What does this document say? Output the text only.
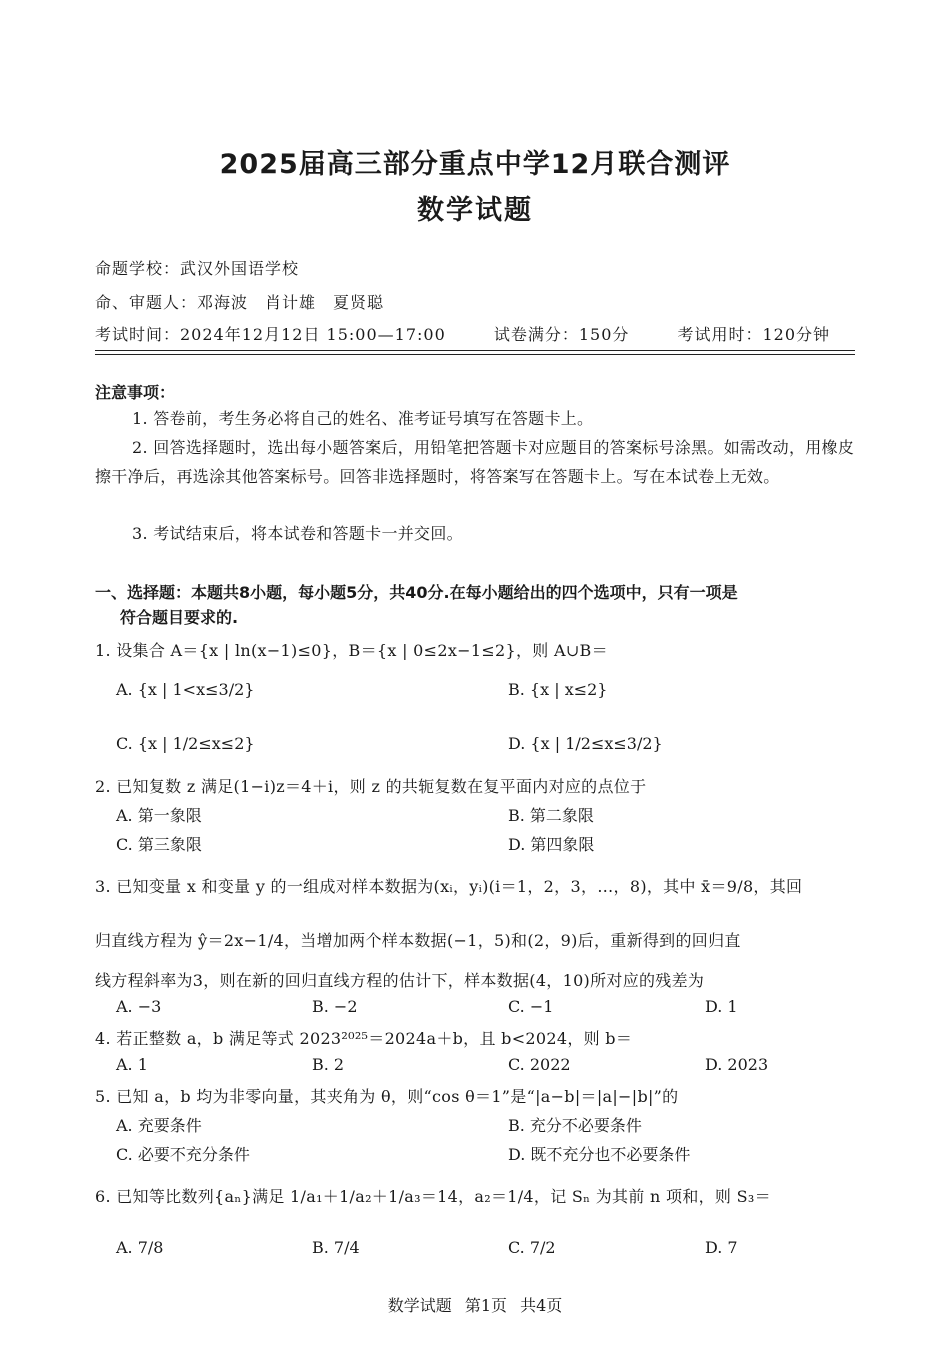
2025届高三部分重点中学12月联合测评
数学试题
命题学校：武汉外国语学校
命、审题人：邓海波　肖计雄　夏贤聪
考试时间：2024年12月12日 15:00—17:00	试卷满分：150分	考试用时：120分钟
注意事项：
1. 答卷前，考生务必将自己的姓名、准考证号填写在答题卡上。
2. 回答选择题时，选出每小题答案后，用铅笔把答题卡对应题目的答案标号涂黑。如需改动，用橡皮擦干净后，再选涂其他答案标号。回答非选择题时，将答案写在答题卡上。写在本试卷上无效。
3. 考试结束后，将本试卷和答题卡一并交回。
一、选择题：本题共8小题，每小题5分，共40分.在每小题给出的四个选项中，只有一项是
符合题目要求的.
1. 设集合 A＝{x | ln(x−1)≤0}，B＝{x | 0≤2x−1≤2}，则 A∪B＝
A. {x | 1<x≤3/2}	B. {x | x≤2}
C. {x | 1/2≤x≤2}	D. {x | 1/2≤x≤3/2}
2. 已知复数 z 满足(1−i)z＝4＋i，则 z 的共轭复数在复平面内对应的点位于
A. 第一象限	B. 第二象限
C. 第三象限	D. 第四象限
3. 已知变量 x 和变量 y 的一组成对样本数据为(xᵢ，yᵢ)(i＝1，2，3，…，8)，其中 x̄＝9/8，其回
归直线方程为 ŷ＝2x−1/4，当增加两个样本数据(−1，5)和(2，9)后，重新得到的回归直
线方程斜率为3，则在新的回归直线方程的估计下，样本数据(4，10)所对应的残差为
A. −3	B. −2	C. −1	D. 1
4. 若正整数 a，b 满足等式 2023²⁰²⁵＝2024a＋b，且 b<2024，则 b＝
A. 1	B. 2	C. 2022	D. 2023
5. 已知 a，b 均为非零向量，其夹角为 θ，则“cos θ＝1”是“|a−b|＝|a|−|b|”的
A. 充要条件	B. 充分不必要条件
C. 必要不充分条件	D. 既不充分也不必要条件
6. 已知等比数列{aₙ}满足 1/a₁＋1/a₂＋1/a₃＝14，a₂＝1/4，记 Sₙ 为其前 n 项和，则 S₃＝
A. 7/8	B. 7/4	C. 7/2	D. 7
数学试题 第1页 共4页
